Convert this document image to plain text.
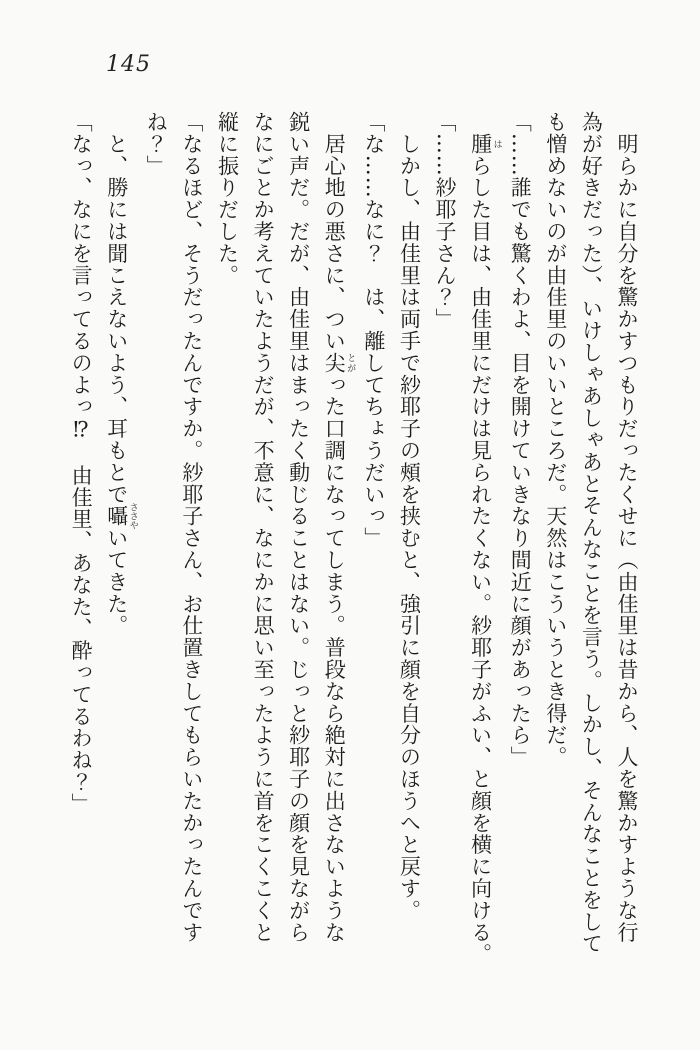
145
　明らかに自分を驚かすつもりだったくせに（由佳里は昔から、人を驚かすような行
為が好きだった）、いけしゃあしゃあとそんなことを言う。しかし、そんなことをして
も憎めないのが由佳里のいいところだ。天然はこういうとき得だ。
「……誰でも驚くわよ、目を開けていきなり間近に顔があったら」
　腫 はらした目は、由佳里にだけは見られたくない。紗耶子がふい、と顔を横に向ける。
「……紗耶子さん？」
　しかし、由佳里は両手で紗耶子の頰を挟むと、強引に顔を自分のほうへと戻す。
「な……なに？　は、離してちょうだいっ」
　居心地の悪さに、つい尖 とがった口調になってしまう。普段なら絶対に出さないような
鋭い声だ。だが、由佳里はまったく動じることはない。じっと紗耶子の顔を見ながら
なにごとか考えていたようだが、不意に、なにかに思い至ったように首をこくこくと
縦に振りだした。
「なるほど、そうだったんですか。紗耶子さん、お仕置きしてもらいたかったんです
ね？」
　と、勝には聞こえないよう、耳もとで囁 ささやいてきた。
「なっ、なにを言ってるのよっ⁉　由佳里、あなた、酔ってるわね？」
